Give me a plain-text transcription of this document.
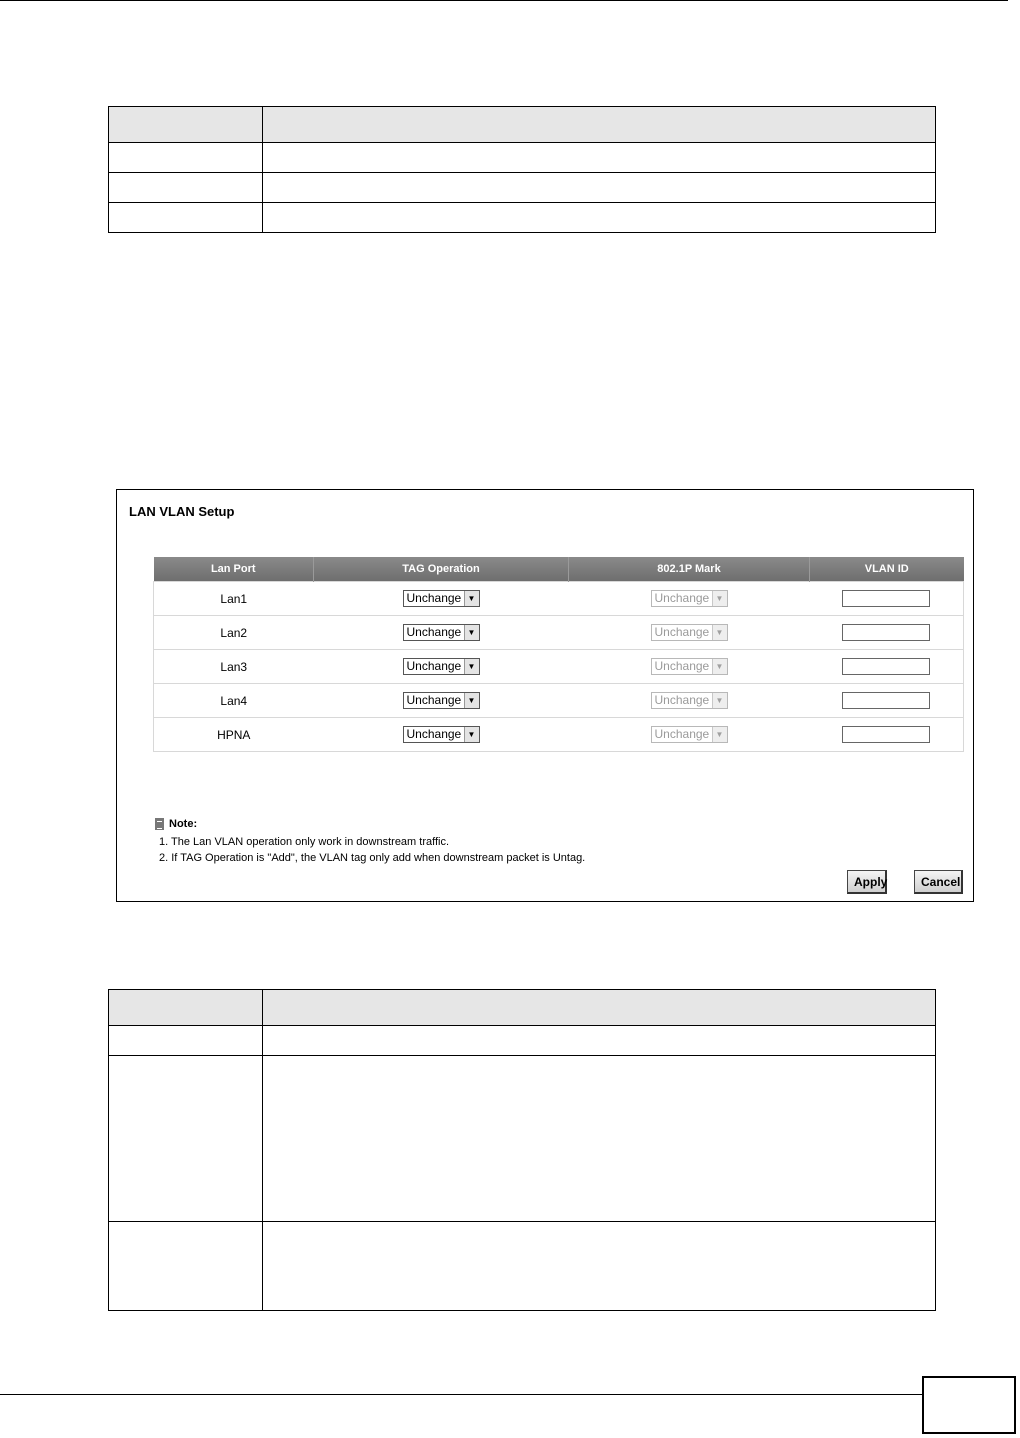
LAN VLAN Setup
Lan Port	TAG Operation	802.1P Mark	VLAN ID
Lan1	Unchange ▼	Unchange ▼

Lan2	Unchange ▼	Unchange ▼

Lan3	Unchange ▼	Unchange ▼

Lan4	Unchange ▼	Unchange ▼

HPNA	Unchange ▼	Unchange ▼

Note:
1. The Lan VLAN operation only work in downstream traffic.
2. If TAG Operation is "Add", the VLAN tag only add when downstream packet is Untag.
Apply	Cancel
